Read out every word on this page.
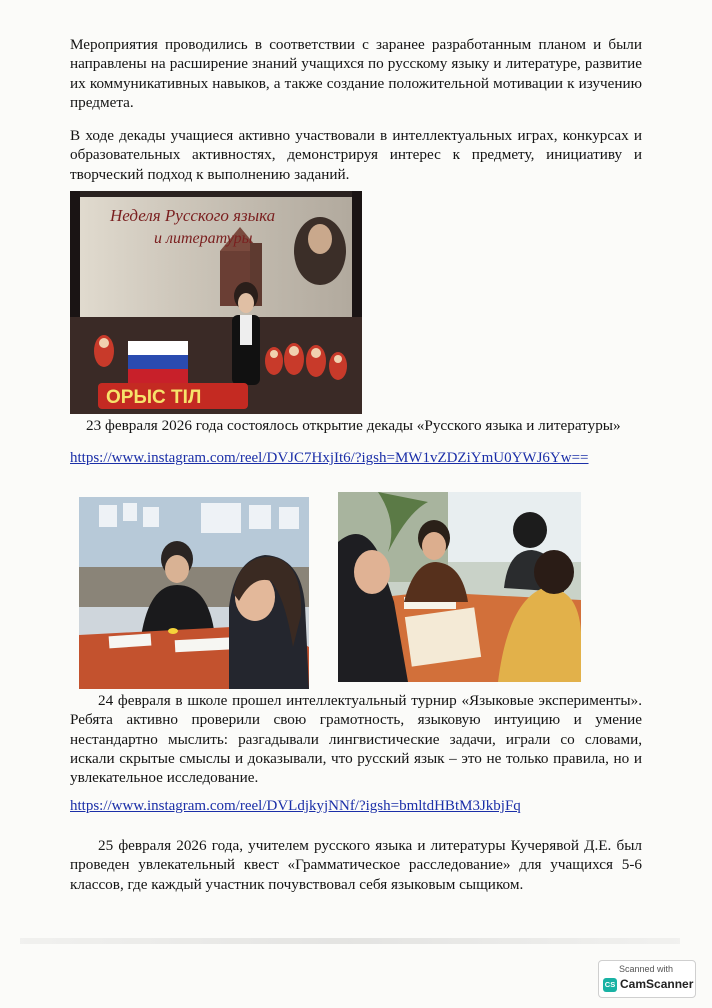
Мероприятия проводились в соответствии с заранее разработанным планом и были направлены на расширение знаний учащихся по русскому языку и литературе, развитие их коммуникативных навыков, а также создание положительной мотивации к изучению предмета.

В ходе декады учащиеся активно участвовали в интеллектуальных играх, конкурсах и образовательных активностях, демонстрируя интерес к предмету, инициативу и творческий подход к выполнению заданий.

ОРЫС ТІЛ
Неделя Русского языка
и литературы

23 февраля 2026 года состоялось открытие декады «Русского языка и литературы»

https://www.instagram.com/reel/DVJC7HxjIt6/?igsh=MW1vZDZiYmU0YWJ6Yw==

24 февраля в школе прошел интеллектуальный турнир «Языковые эксперименты». Ребята активно проверили свою грамотность, языковую интуицию и умение нестандартно мыслить: разгадывали лингвистические задачи, играли со словами, искали скрытые смыслы и доказывали, что русский язык – это не только правила, но и увлекательное исследование.

https://www.instagram.com/reel/DVLdjkyjNNf/?igsh=bmltdHBtM3JkbjFq

25 февраля 2026 года, учителем русского языка и литературы Кучерявой Д.Е. был проведен увлекательный квест «Грамматическое расследование» для учащихся 5-6 классов, где каждый участник почувствовал себя языковым сыщиком.

Scanned with
CS CamScanner
